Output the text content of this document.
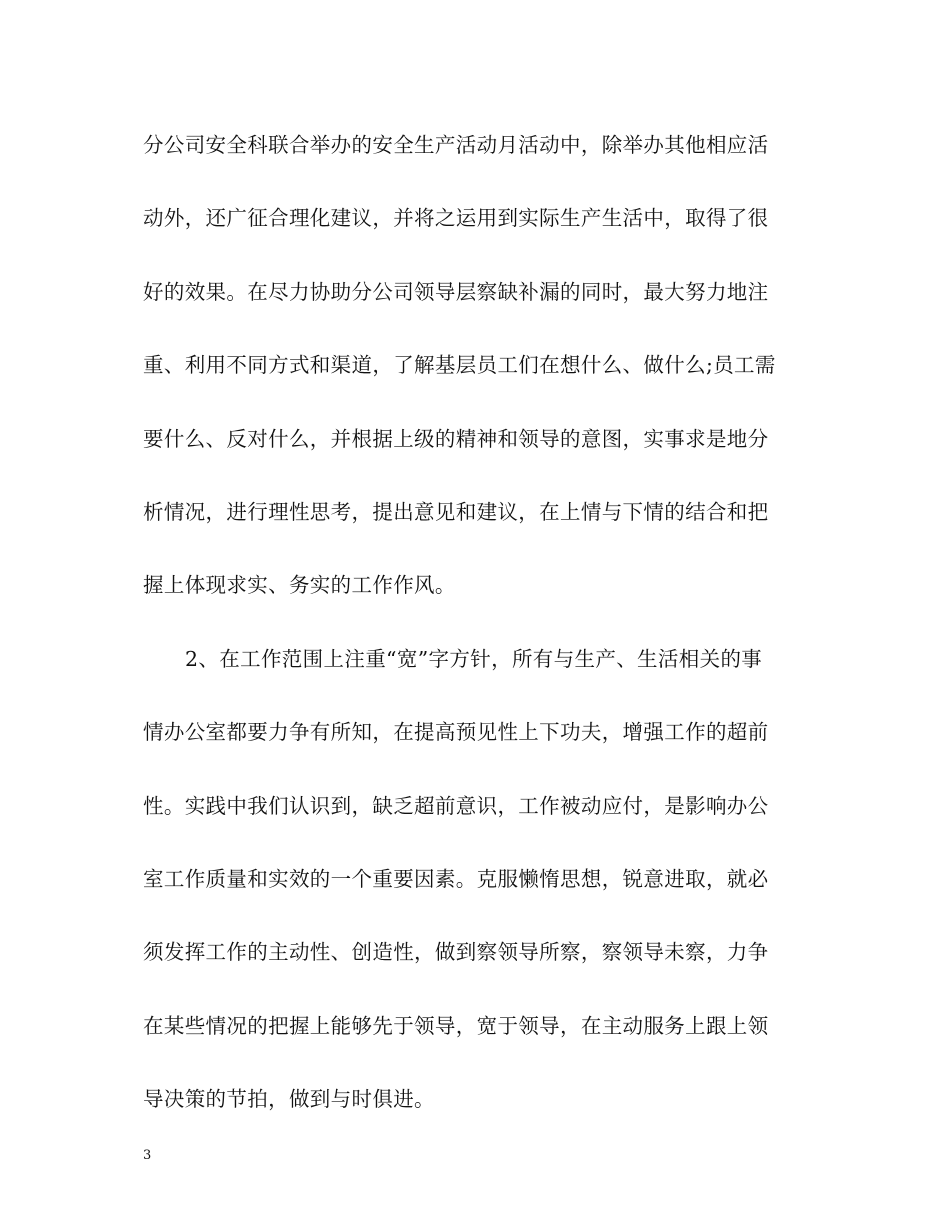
分公司安全科联合举办的安全生产活动月活动中，除举办其他相应活
动外，还广征合理化建议，并将之运用到实际生产生活中，取得了很
好的效果。在尽力协助分公司领导层察缺补漏的同时，最大努力地注
重、利用不同方式和渠道，了解基层员工们在想什么、做什么;员工需
要什么、反对什么，并根据上级的精神和领导的意图，实事求是地分
析情况，进行理性思考，提出意见和建议，在上情与下情的结合和把
握上体现求实、务实的工作作风。
2、在工作范围上注重“宽”字方针，所有与生产、生活相关的事
情办公室都要力争有所知，在提高预见性上下功夫，增强工作的超前
性。实践中我们认识到，缺乏超前意识，工作被动应付，是影响办公
室工作质量和实效的一个重要因素。克服懒惰思想，锐意进取，就必
须发挥工作的主动性、创造性，做到察领导所察，察领导未察，力争
在某些情况的把握上能够先于领导，宽于领导，在主动服务上跟上领
导决策的节拍，做到与时俱进。
3
